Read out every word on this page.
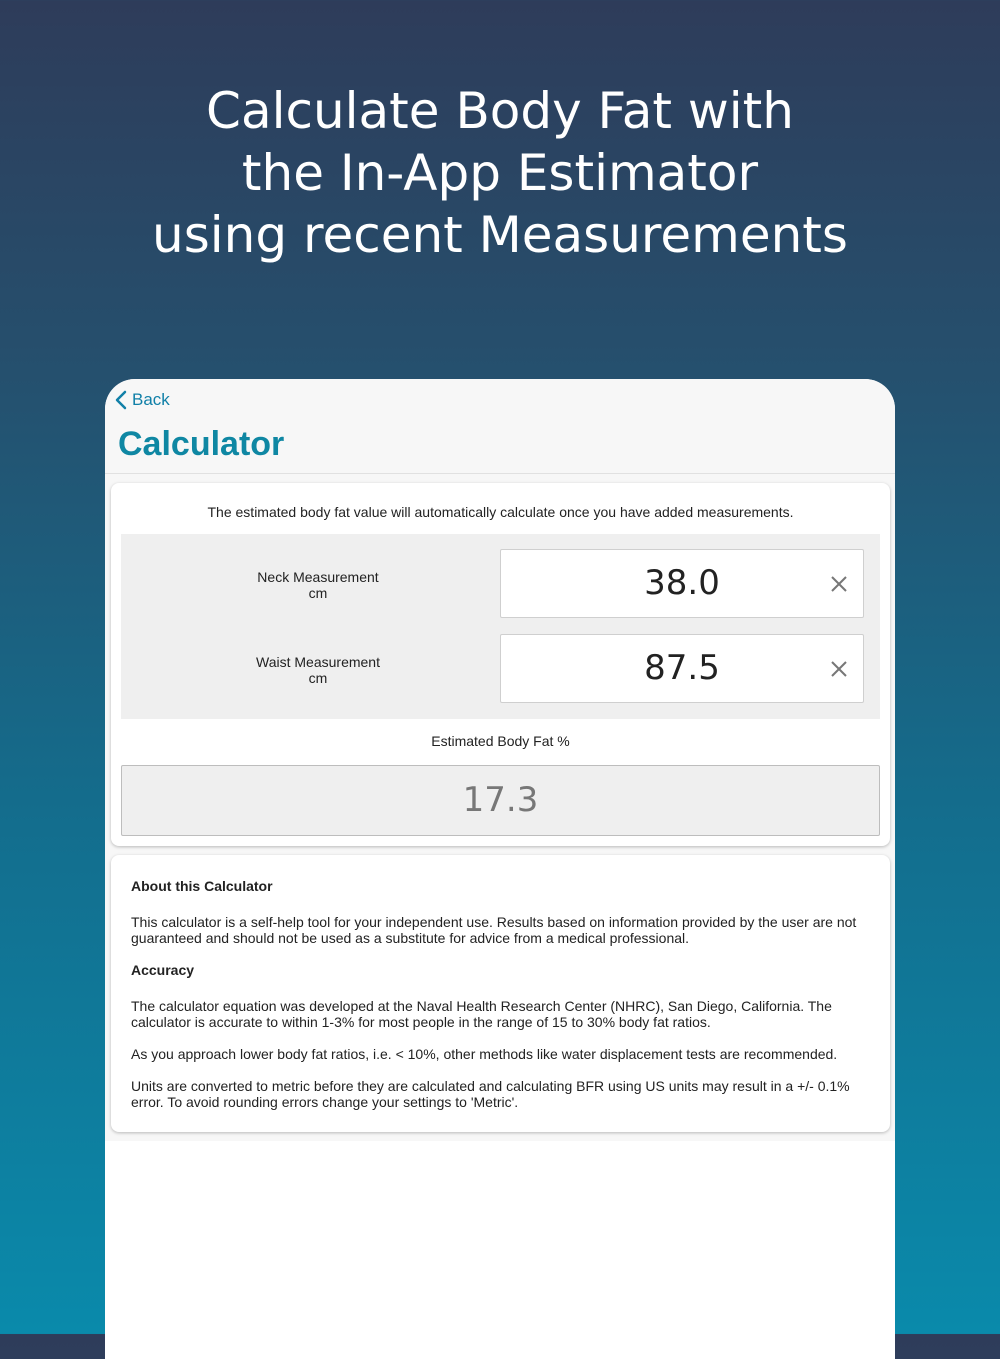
Calculate Body Fat with
the In-App Estimator
using recent Measurements
Back
Calculator
The estimated body fat value will automatically calculate once you have added measurements.
Neck Measurement
cm	38.0
Waist Measurement
cm	87.5
Estimated Body Fat %
17.3
About this Calculator

This calculator is a self-help tool for your independent use. Results based on information provided by the user are not guaranteed and should not be used as a substitute for advice from a medical professional.

Accuracy

The calculator equation was developed at the Naval Health Research Center (NHRC), San Diego, California. The calculator is accurate to within 1-3% for most people in the range of 15 to 30% body fat ratios.

As you approach lower body fat ratios, i.e. < 10%, other methods like water displacement tests are recommended.

Units are converted to metric before they are calculated and calculating BFR using US units may result in a +/- 0.1% error. To avoid rounding errors change your settings to 'Metric'.
